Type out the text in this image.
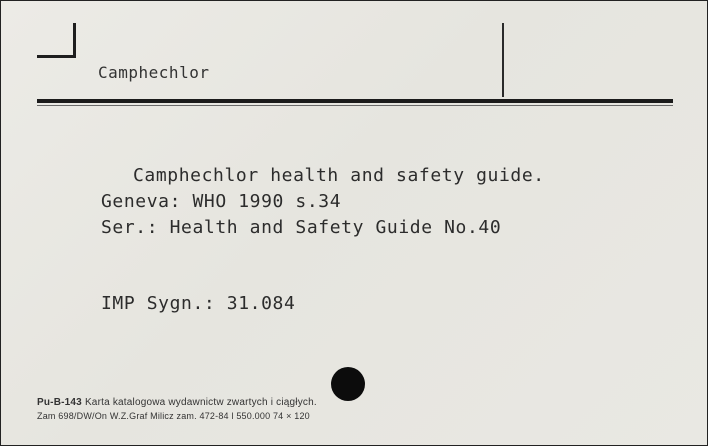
Camphechlor
Camphechlor health and safety guide.
Geneva: WHO 1990 s.34
Ser.: Health and Safety Guide No.40
IMP Sygn.: 31.084
Pu-B-143 Karta katalogowa wydawnictw zwartych i ciągłych.
Zam 698/DW/On W.Z.Graf Milicz zam. 472-84 l 550.000 74 × 120
